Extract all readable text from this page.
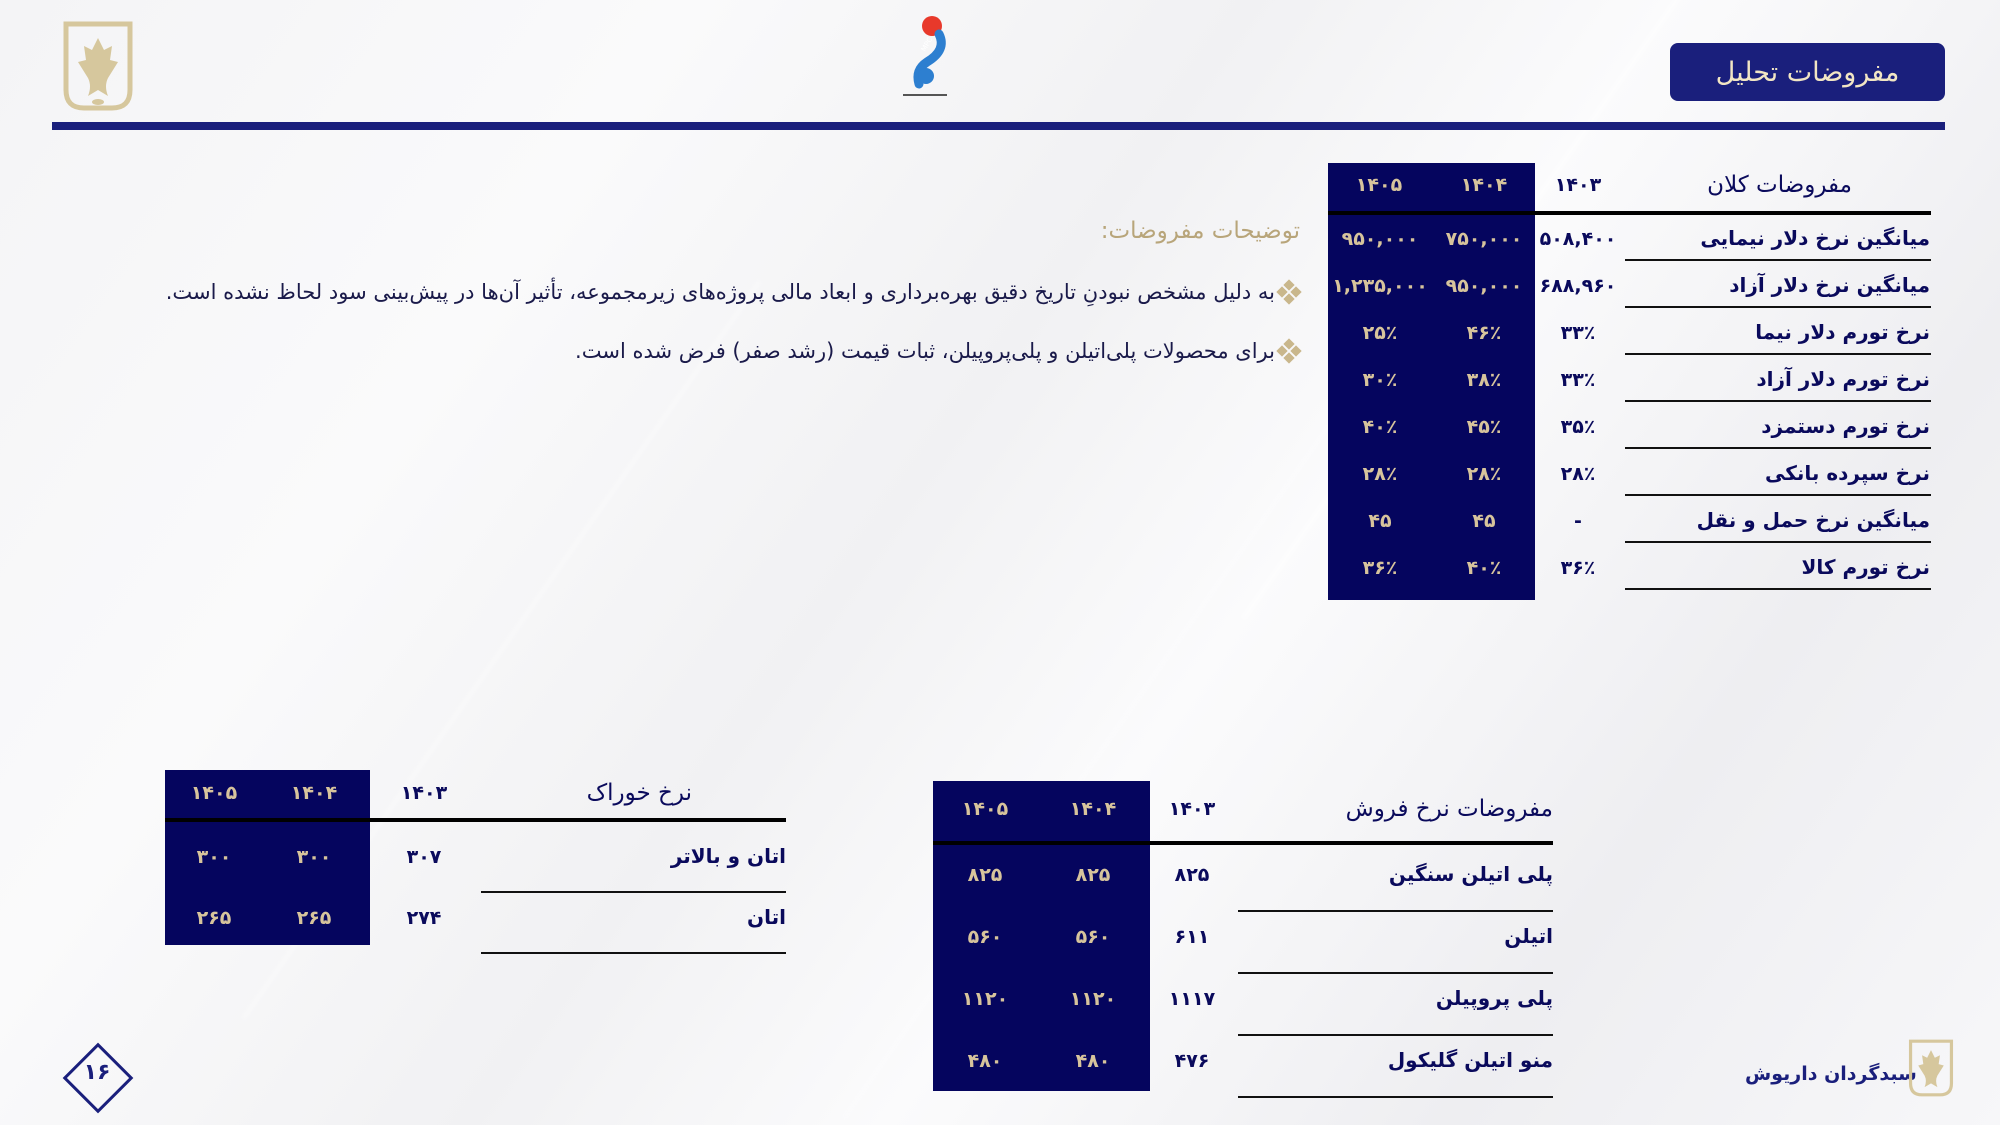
مفروضات تحلیل
MPC
مفروضات کلان
۱۴۰۳
۱۴۰۴
۱۴۰۵
میانگین نرخ دلار نیمایی
۵۰۸,۴۰۰
۷۵۰,۰۰۰
۹۵۰,۰۰۰
میانگین نرخ دلار آزاد
۶۸۸,۹۶۰
۹۵۰,۰۰۰
۱,۲۳۵,۰۰۰
نرخ تورم دلار نیما
۳۳٪
۴۶٪
۲۵٪
نرخ تورم دلار آزاد
۳۳٪
۳۸٪
۳۰٪
نرخ تورم دستمزد
۳۵٪
۴۵٪
۴۰٪
نرخ سپرده بانکی
۲۸٪
۲۸٪
۲۸٪
میانگین نرخ حمل و نقل
-
۴۵
۴۵
نرخ تورم کالا
۳۶٪
۴۰٪
۳۶٪
توضیحات مفروضات:
به دلیل مشخص نبودنِ تاریخ دقیق بهره‌برداری و ابعاد مالی پروژه‌های زیرمجموعه، تأثیر آن‌ها در پیش‌بینی سود لحاظ نشده است.
برای محصولات پلی‌اتیلن و پلی‌پروپیلن، ثبات قیمت (رشد صفر) فرض شده است.
مفروضات نرخ فروش
۱۴۰۳
۱۴۰۴
۱۴۰۵
پلی اتیلن سنگین
۸۲۵
۸۲۵
۸۲۵
اتیلن
۶۱۱
۵۶۰
۵۶۰
پلی پروپیلن
۱۱۱۷
۱۱۲۰
۱۱۲۰
منو اتیلن گلیکول
۴۷۶
۴۸۰
۴۸۰
نرخ خوراک
۱۴۰۳
۱۴۰۴
۱۴۰۵
اتان و بالاتر
۳۰۷
۳۰۰
۳۰۰
اتان
۲۷۴
۲۶۵
۲۶۵
۱۶	سبدگردان داریوش
